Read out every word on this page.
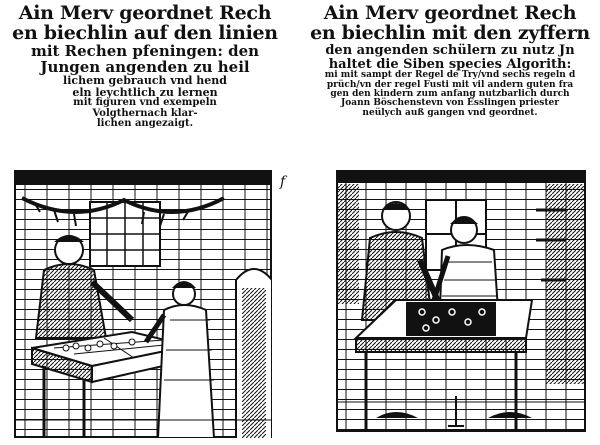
Ain Merv geordnet Rech
en biechlin auf den linien
mit Rechen pfeningen: den
Jungen angenden zu heil
lichem gebrauch vnd hend
eln leychtlich zu lernen
mit figuren vnd exempeln
Volgthernach klar-
lichen angezaigt.
f
Ain Merv geordnet Rech
en biechlin mit den zyffern
den angenden schülern zu nutz Jn
haltet die Siben species Algorith:
mi mit sampt der Regel de Try/vnd sechs regeln d
prüch/vn der regel Fusti mit vil andern guten fra
gen den kindern zum anfang nutzbarlich durch
Joann Böschenstevn von Esslingen priester
neülych auß gangen vnd geordnet.
